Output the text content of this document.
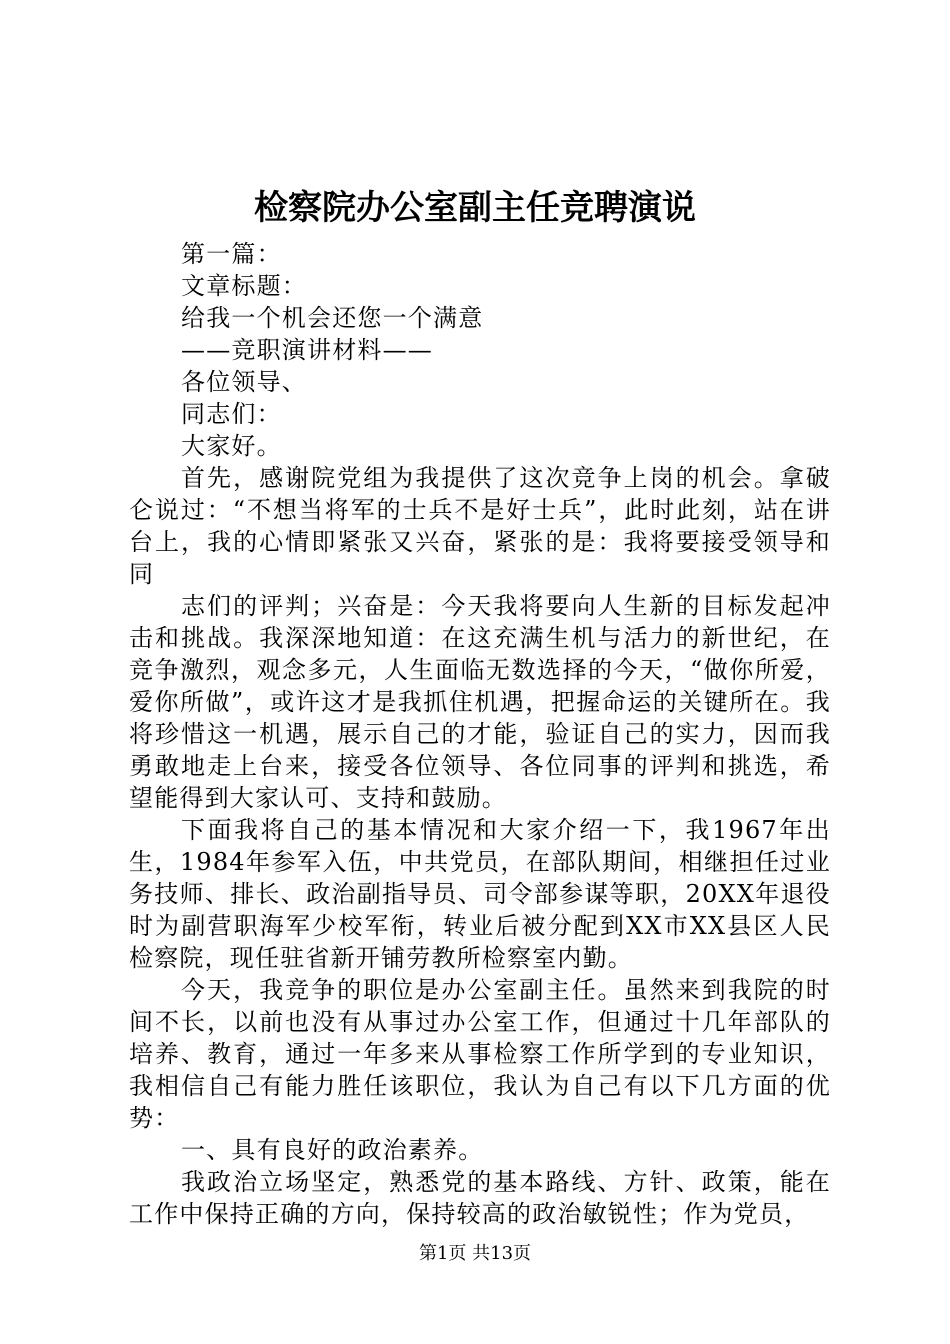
检察院办公室副主任竞聘演说

第一篇：

文章标题：

给我一个机会还您一个满意

——竞职演讲材料——

各位领导、

同志们：

大家好。

首先，感谢院党组为我提供了这次竞争上岗的机会。拿破仑说过：“不想当将军的士兵不是好士兵”，此时此刻，站在讲台上，我的心情即紧张又兴奋，紧张的是：我将要接受领导和同

志们的评判；兴奋是：今天我将要向人生新的目标发起冲击和挑战。我深深地知道：在这充满生机与活力的新世纪，在竞争激烈，观念多元，人生面临无数选择的今天，“做你所爱，爱你所做”，或许这才是我抓住机遇，把握命运的关键所在。我将珍惜这一机遇，展示自己的才能，验证自己的实力，因而我勇敢地走上台来，接受各位领导、各位同事的评判和挑选，希望能得到大家认可、支持和鼓励。

下面我将自己的基本情况和大家介绍一下，我1967年出生，1984年参军入伍，中共党员，在部队期间，相继担任过业务技师、排长、政治副指导员、司令部参谋等职，20XX年退役时为副营职海军少校军衔，转业后被分配到XX市XX县区人民检察院，现任驻省新开铺劳教所检察室内勤。

今天，我竞争的职位是办公室副主任。虽然来到我院的时间不长，以前也没有从事过办公室工作，但通过十几年部队的培养、教育，通过一年多来从事检察工作所学到的专业知识，我相信自己有能力胜任该职位，我认为自己有以下几方面的优势：

一、具有良好的政治素养。

我政治立场坚定，熟悉党的基本路线、方针、政策，能在工作中保持正确的方向，保持较高的政治敏锐性；作为党员，

第1页 共13页
